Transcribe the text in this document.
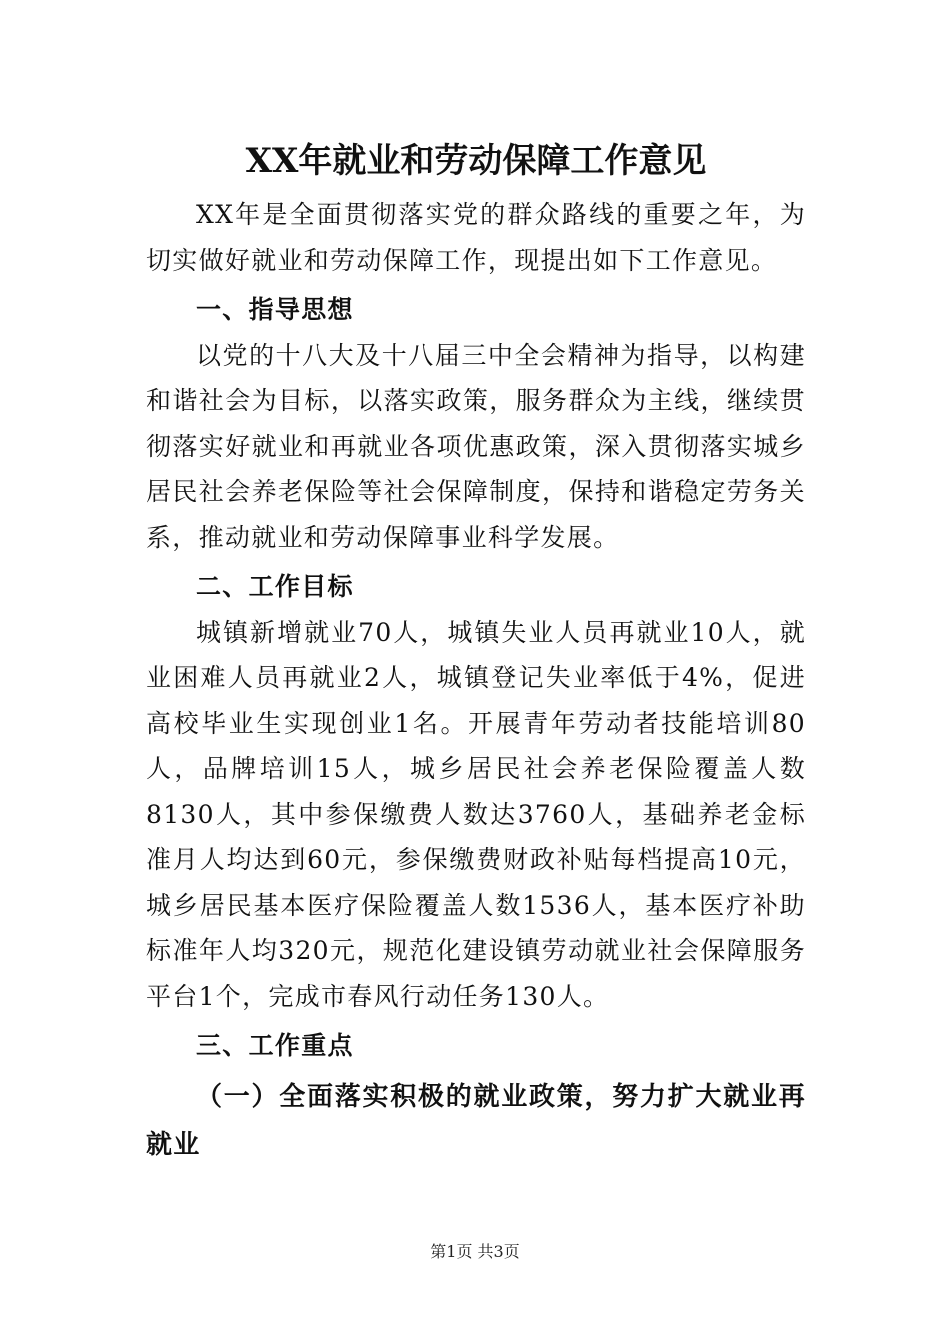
XX年就业和劳动保障工作意见

XX年是全面贯彻落实党的群众路线的重要之年，为切实做好就业和劳动保障工作，现提出如下工作意见。

一、指导思想

以党的十八大及十八届三中全会精神为指导，以构建和谐社会为目标，以落实政策，服务群众为主线，继续贯彻落实好就业和再就业各项优惠政策，深入贯彻落实城乡居民社会养老保险等社会保障制度，保持和谐稳定劳务关系，推动就业和劳动保障事业科学发展。

二、工作目标

城镇新增就业70人，城镇失业人员再就业10人，就业困难人员再就业2人，城镇登记失业率低于4%，促进高校毕业生实现创业1名。开展青年劳动者技能培训80人，品牌培训15人，城乡居民社会养老保险覆盖人数8130人，其中参保缴费人数达3760人，基础养老金标准月人均达到60元，参保缴费财政补贴每档提高10元，城乡居民基本医疗保险覆盖人数1536人，基本医疗补助标准年人均320元，规范化建设镇劳动就业社会保障服务平台1个，完成市春风行动任务130人。

三、工作重点

（一）全面落实积极的就业政策，努力扩大就业再就业

第1页 共3页
